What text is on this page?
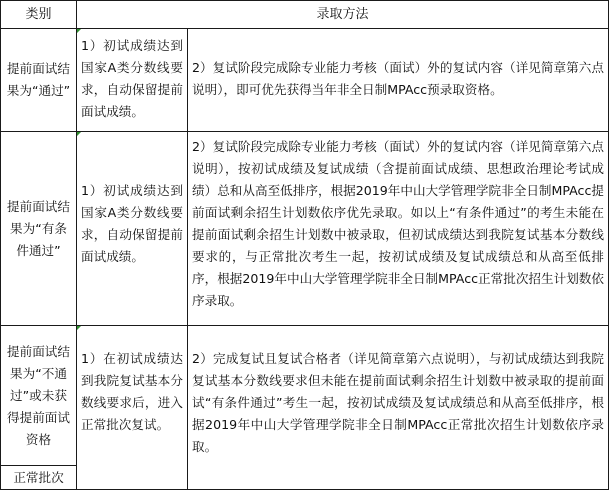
类别	录取方法
提前面试结果为“通过”
1）初试成绩达到国家A类分数线要求，自动保留提前面试成绩。
2）复试阶段完成除专业能力考核（面试）外的复试内容（详见简章第六点说明），即可优先获得当年非全日制MPAcc预录取资格。
提前面试结果为“有条件通过”
1）初试成绩达到国家A类分数线要求，自动保留提前面试成绩。
2）复试阶段完成除专业能力考核（面试）外的复试内容（详见简章第六点说明），按初试成绩及复试成绩（含提前面试成绩、思想政治理论考试成绩）总和从高至低排序，根据2019年中山大学管理学院非全日制MPAcc提前面试剩余招生计划数依序优先录取。如以上“有条件通过”的考生未能在提前面试剩余招生计划数中被录取，但初试成绩达到我院复试基本分数线要求的，与正常批次考生一起，按初试成绩及复试成绩总和从高至低排序，根据2019年中山大学管理学院非全日制MPAcc正常批次招生计划数依序录取。
提前面试结果为“不通过”或未获得提前面试资格
1）在初试成绩达到我院复试基本分数线要求后，进入正常批次复试。
2）完成复试且复试合格者（详见简章第六点说明），与初试成绩达到我院复试基本分数线要求但未能在提前面试剩余招生计划数中被录取的提前面试“有条件通过”考生一起，按初试成绩及复试成绩总和从高至低排序，根据2019年中山大学管理学院非全日制MPAcc正常批次招生计划数依序录取。
正常批次
